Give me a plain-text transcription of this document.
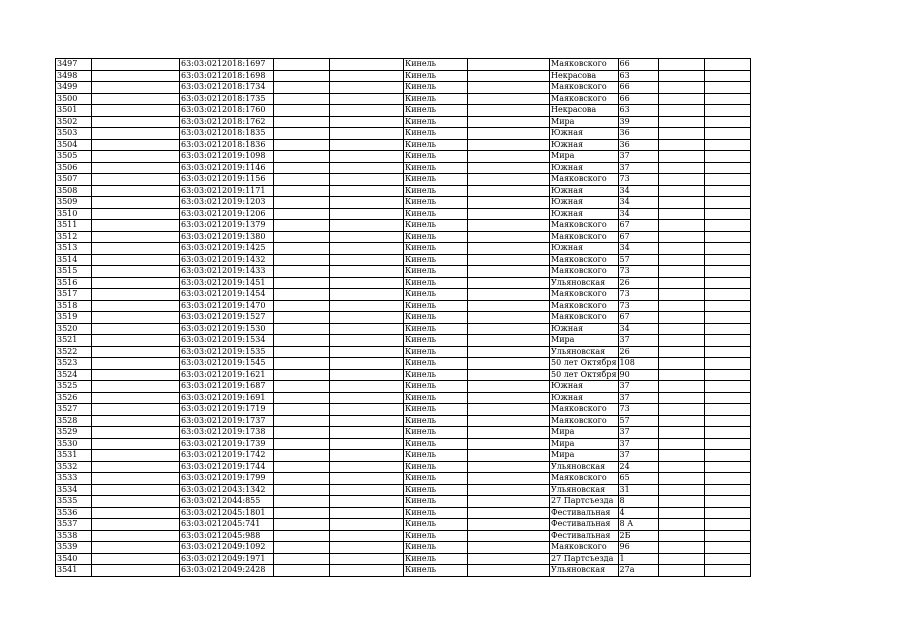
3497		63:03:0212018:1697			Кинель		Маяковского	66		
3498		63:03:0212018:1698			Кинель		Некрасова	63		
3499		63:03:0212018:1734			Кинель		Маяковского	66		
3500		63:03:0212018:1735			Кинель		Маяковского	66		
3501		63:03:0212018:1760			Кинель		Некрасова	63		
3502		63:03:0212018:1762			Кинель		Мира	39		
3503		63:03:0212018:1835			Кинель		Южная	36		
3504		63:03:0212018:1836			Кинель		Южная	36		
3505		63:03:0212019:1098			Кинель		Мира	37		
3506		63:03:0212019:1146			Кинель		Южная	37		
3507		63:03:0212019:1156			Кинель		Маяковского	73		
3508		63:03:0212019:1171			Кинель		Южная	34		
3509		63:03:0212019:1203			Кинель		Южная	34		
3510		63:03:0212019:1206			Кинель		Южная	34		
3511		63:03:0212019:1379			Кинель		Маяковского	67		
3512		63:03:0212019:1380			Кинель		Маяковского	67		
3513		63:03:0212019:1425			Кинель		Южная	34		
3514		63:03:0212019:1432			Кинель		Маяковского	57		
3515		63:03:0212019:1433			Кинель		Маяковского	73		
3516		63:03:0212019:1451			Кинель		Ульяновская	26		
3517		63:03:0212019:1454			Кинель		Маяковского	73		
3518		63:03:0212019:1470			Кинель		Маяковского	73		
3519		63:03:0212019:1527			Кинель		Маяковского	67		
3520		63:03:0212019:1530			Кинель		Южная	34		
3521		63:03:0212019:1534			Кинель		Мира	37		
3522		63:03:0212019:1535			Кинель		Ульяновская	26		
3523		63:03:0212019:1545			Кинель		50 лет Октября	108		
3524		63:03:0212019:1621			Кинель		50 лет Октября	90		
3525		63:03:0212019:1687			Кинель		Южная	37		
3526		63:03:0212019:1691			Кинель		Южная	37		
3527		63:03:0212019:1719			Кинель		Маяковского	73		
3528		63:03:0212019:1737			Кинель		Маяковского	57		
3529		63:03:0212019:1738			Кинель		Мира	37		
3530		63:03:0212019:1739			Кинель		Мира	37		
3531		63:03:0212019:1742			Кинель		Мира	37		
3532		63:03:0212019:1744			Кинель		Ульяновская	24		
3533		63:03:0212019:1799			Кинель		Маяковского	65		
3534		63:03:0212043:1342			Кинель		Ульяновская	31		
3535		63:03:0212044:855			Кинель		27 Партсъезда	8		
3536		63:03:0212045:1801			Кинель		Фестивальная	4		
3537		63:03:0212045:741			Кинель		Фестивальная	8 А		
3538		63:03:0212045:988			Кинель		Фестивальная	2Б		
3539		63:03:0212049:1092			Кинель		Маяковского	96		
3540		63:03:0212049:1971			Кинель		27 Партсъезда	1		
3541		63:03:0212049:2428			Кинель		Ульяновская	27а		
